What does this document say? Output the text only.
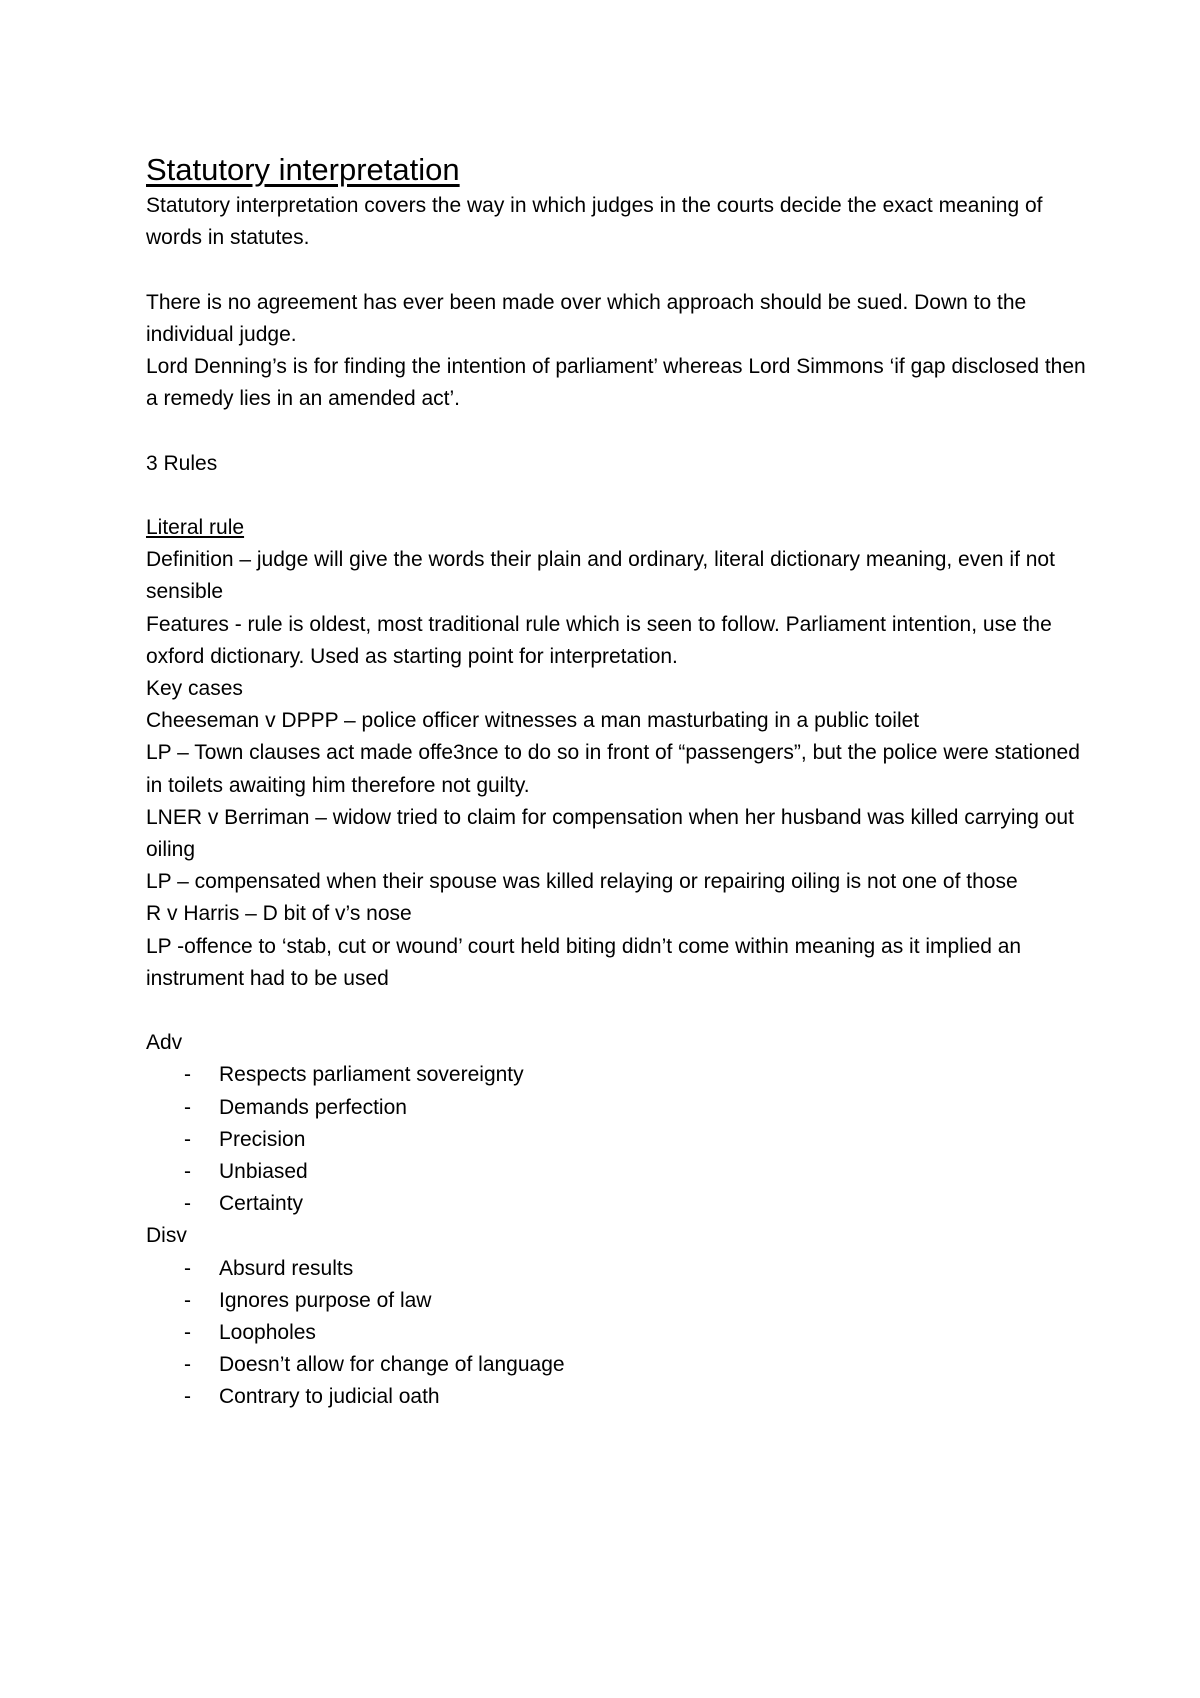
Statutory interpretation

Statutory interpretation covers the way in which judges in the courts decide the exact meaning of words in statutes.

There is no agreement has ever been made over which approach should be sued. Down to the individual judge.

Lord Denning’s is for finding the intention of parliament’ whereas Lord Simmons ‘if gap disclosed then a remedy lies in an amended act’.

3 Rules

Literal rule

Definition – judge will give the words their plain and ordinary, literal dictionary meaning, even if not sensible

Features - rule is oldest, most traditional rule which is seen to follow. Parliament intention, use the oxford dictionary. Used as starting point for interpretation.

Key cases

Cheeseman v DPPP – police officer witnesses a man masturbating in a public toilet

LP – Town clauses act made offe3nce to do so in front of “passengers”, but the police were stationed in toilets awaiting him therefore not guilty.

LNER v Berriman – widow tried to claim for compensation when her husband was killed carrying out oiling

LP – compensated when their spouse was killed relaying or repairing oiling is not one of those

R v Harris – D bit of v’s nose

LP -offence to ‘stab, cut or wound’ court held biting didn’t come within meaning as it implied an instrument had to be used

Adv

- Respects parliament sovereignty
- Demands perfection
- Precision
- Unbiased
- Certainty

Disv

- Absurd results
- Ignores purpose of law
- Loopholes
- Doesn’t allow for change of language
- Contrary to judicial oath
